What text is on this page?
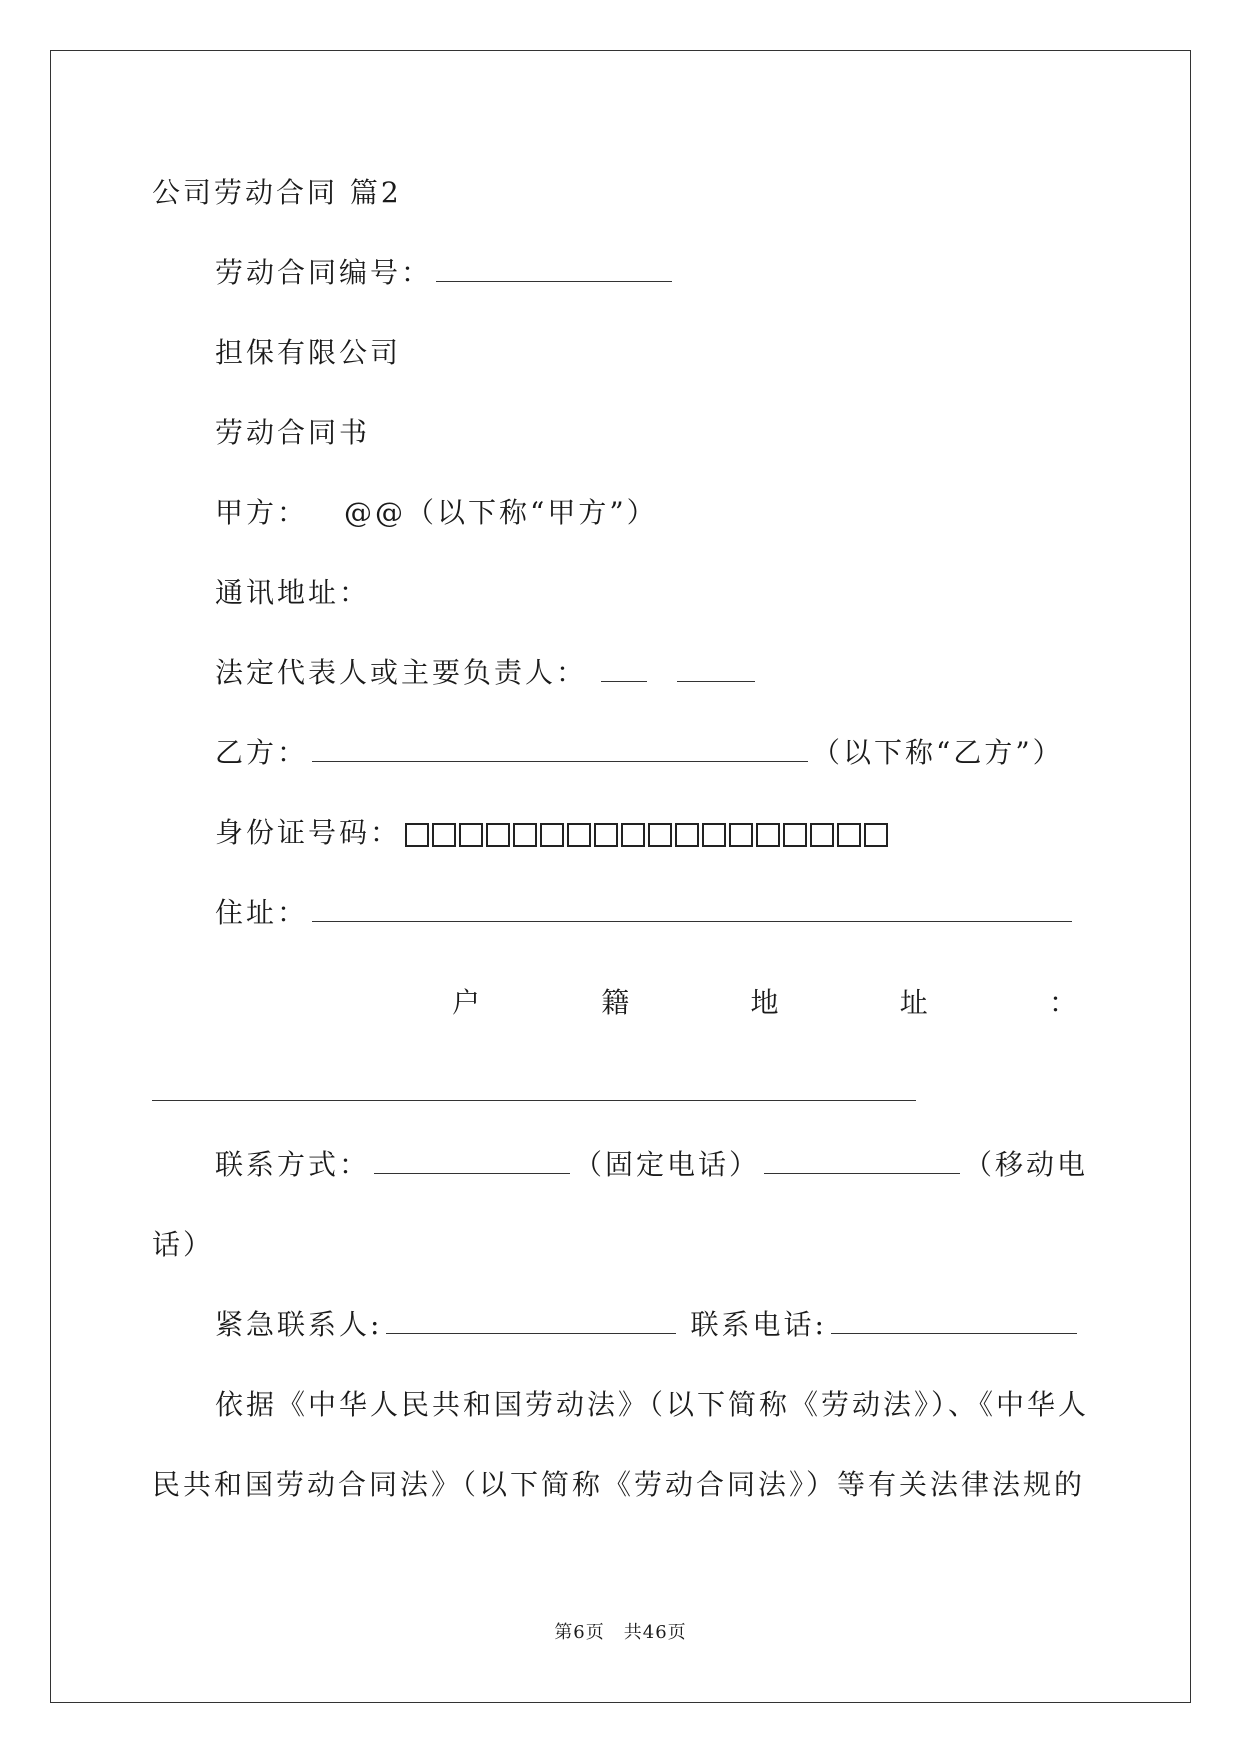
公司劳动合同 篇2
劳动合同编号：
担保有限公司
劳动合同书
甲方： @@（以下称“甲方”）
通讯地址：
法定代表人或主要负责人：
乙方：	（以下称“乙方”）
身份证号码：
住址：
户	籍	地	址	：
联系方式：	（固定电话）	（移动电
话）
紧急联系人:	联系电话:
依据《中华人民共和国劳动法》（以下简称《劳动法》）、《中华人
民共和国劳动合同法》（以下简称《劳动合同法》）等有关法律法规的
第6页　共46页
